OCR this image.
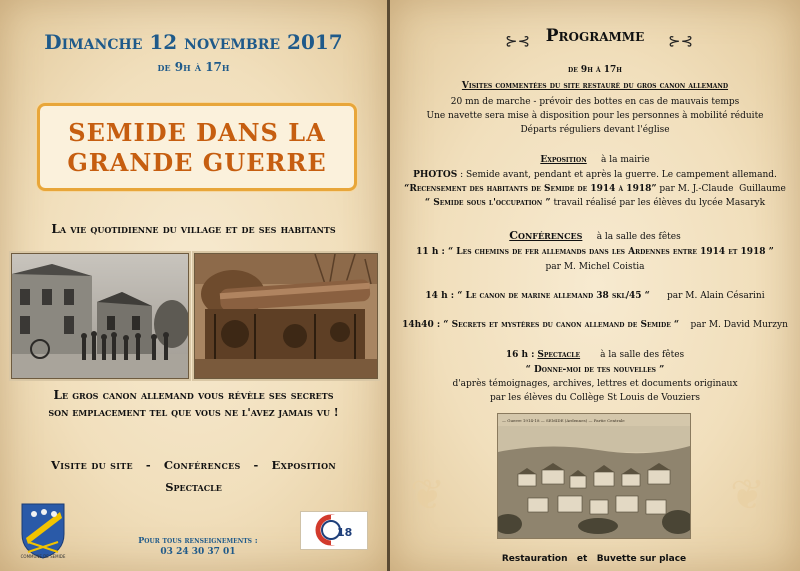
Dimanche 12 novembre 2017
de 9h à 17h
SEMIDE DANS LA
GRANDE GUERRE
La vie quotidienne du village et de ses habitants
Le gros canon allemand vous révèle ses secrets
son emplacement tel que vous ne l'avez jamais vu !
Visite du site   -   Conférences   -   Exposition
Spectacle
COMMUNE DE SEMIDE
Pour tous renseignements :
03 24 30 37 01
18
⊱⊰ Programme	⊱⊰
de 9h à 17h
Visites commentées du site restauré du gros canon allemand
20 mn de marche - prévoir des bottes en cas de mauvais temps
Une navette sera mise à disposition pour les personnes à mobilité réduite
Départs réguliers devant l'église
Exposition à la mairie
PHOTOS : Semide avant, pendant et après la guerre. Le campement allemand.
“Recensement des habitants de Semide de 1914 à 1918” par M. J.-Claude  Guillaume
“ Semide sous l'occupation ” travail réalisé par les élèves du lycée Masaryk
Conférences à la salle des fêtes
11 h : “ Les chemins de fer allemands dans les Ardennes entre 1914 et 1918 ”
par M. Michel Coistia
14 h : “ Le canon de marine allemand 38 skl/45 “ par M. Alain Césarini
14h40 : “ Secrets et mystères du canon allemand de Semide “ par M. David Murzyn
16 h : Spectacle à la salle des fêtes
“ Donne-moi de tes nouvelles ”
d'après témoignages, archives, lettres et documents originaux
par les élèves du Collège St Louis de Vouziers
❦	❦
— Guerre 1914-18 — SEMIDE (Ardennes) — Partie Centrale
Restauration   et   Buvette sur place
